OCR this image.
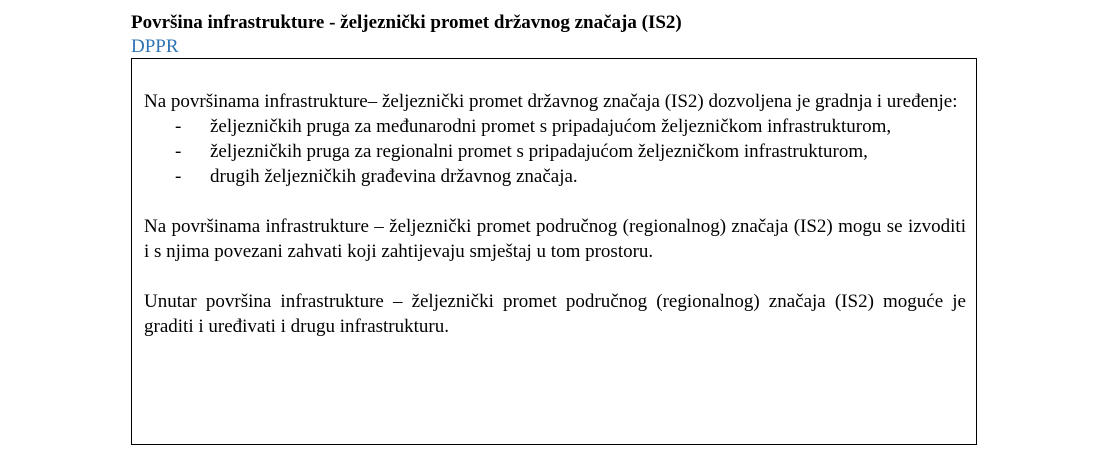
Površina infrastrukture - željeznički promet državnog značaja (IS2)
DPPR

Na površinama infrastrukture– željeznički promet državnog značaja (IS2) dozvoljena je gradnja i uređenje:

- željezničkih pruga za međunarodni promet s pripadajućom željezničkom infrastrukturom,
- željezničkih pruga za regionalni promet s pripadajućom željezničkom infrastrukturom,
- drugih željezničkih građevina državnog značaja.

Na površinama infrastrukture – željeznički promet područnog (regionalnog) značaja (IS2) mogu se izvoditi i s njima povezani zahvati koji zahtijevaju smještaj u tom prostoru.

Unutar površina infrastrukture – željeznički promet područnog (regionalnog) značaja (IS2) moguće je graditi i uređivati i drugu infrastrukturu.
